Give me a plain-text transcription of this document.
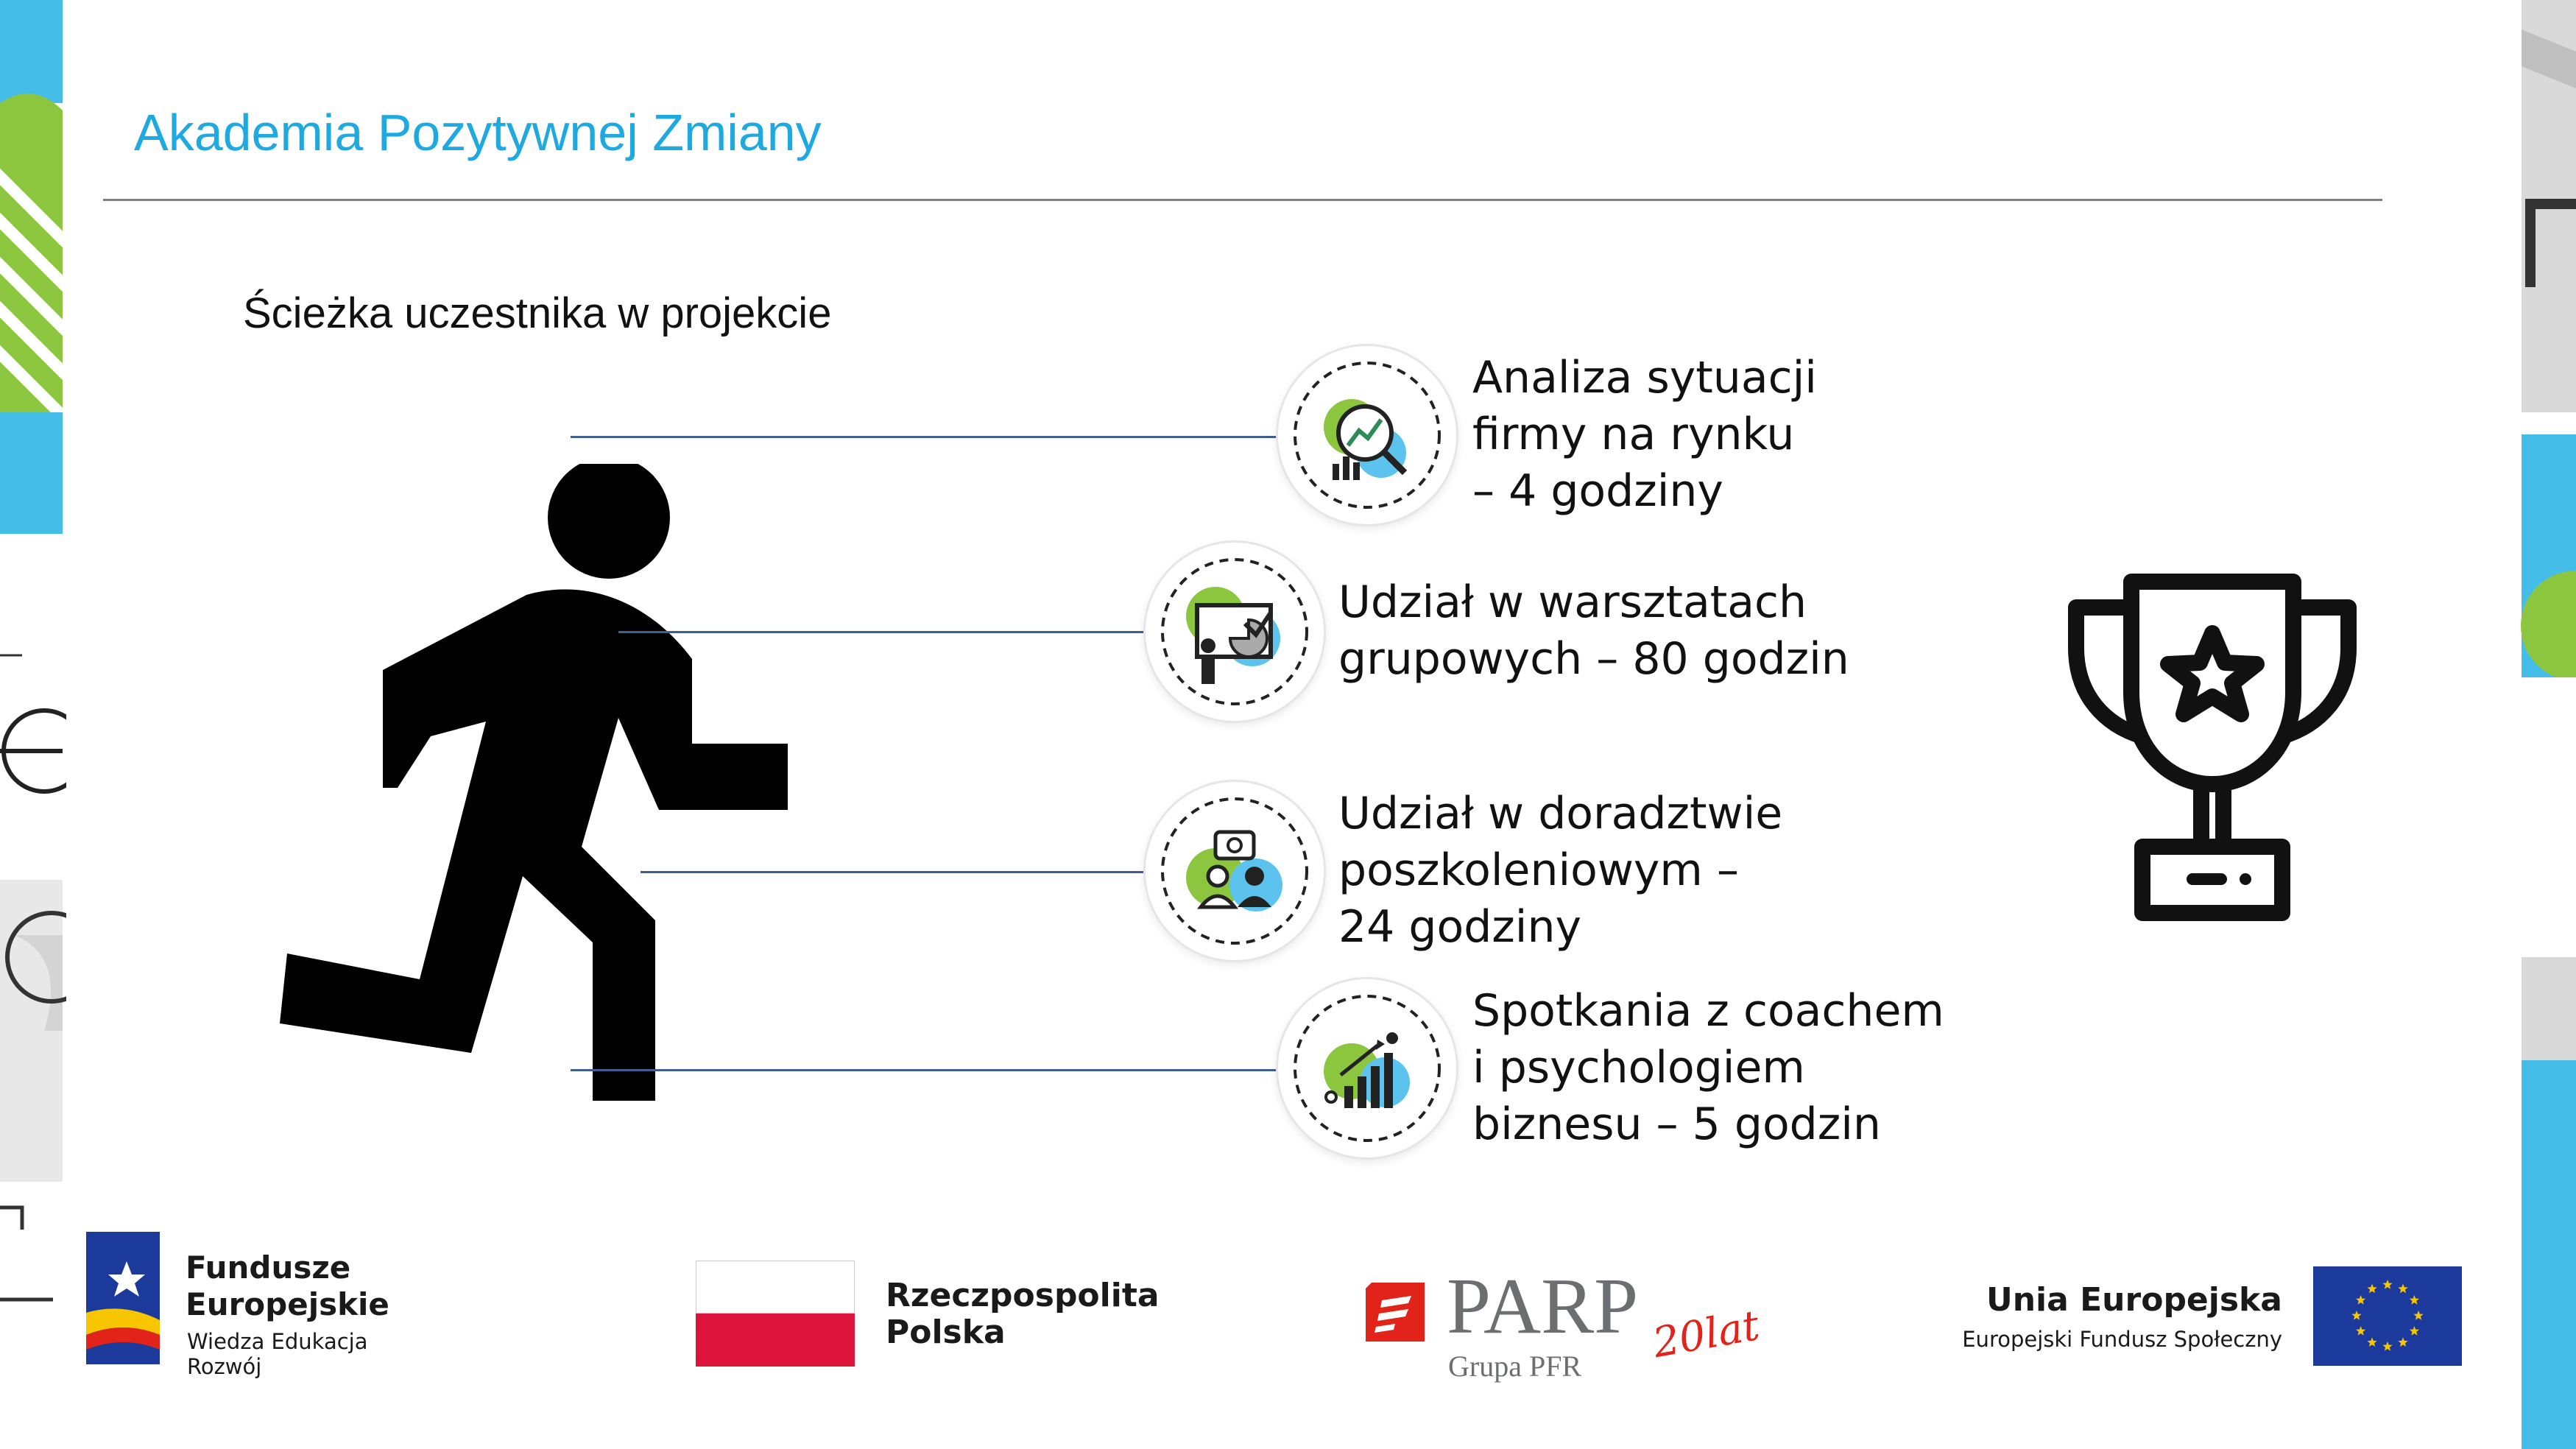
Akademia Pozytywnej Zmiany
Ścieżka uczestnika w projekcie
Analiza sytuacji
firmy na rynku
– 4 godziny
Udział w warsztatach
grupowych – 80 godzin
Udział w doradztwie
poszkoleniowym –
24 godziny
Spotkania z coachem
i psychologiem
biznesu – 5 godzin
Fundusze
Europejskie
Wiedza Edukacja Rozwój
Rzeczpospolita
Polska	PARP 20lat
Grupa PFR
Unia Europejska
Europejski Fundusz Społeczny
